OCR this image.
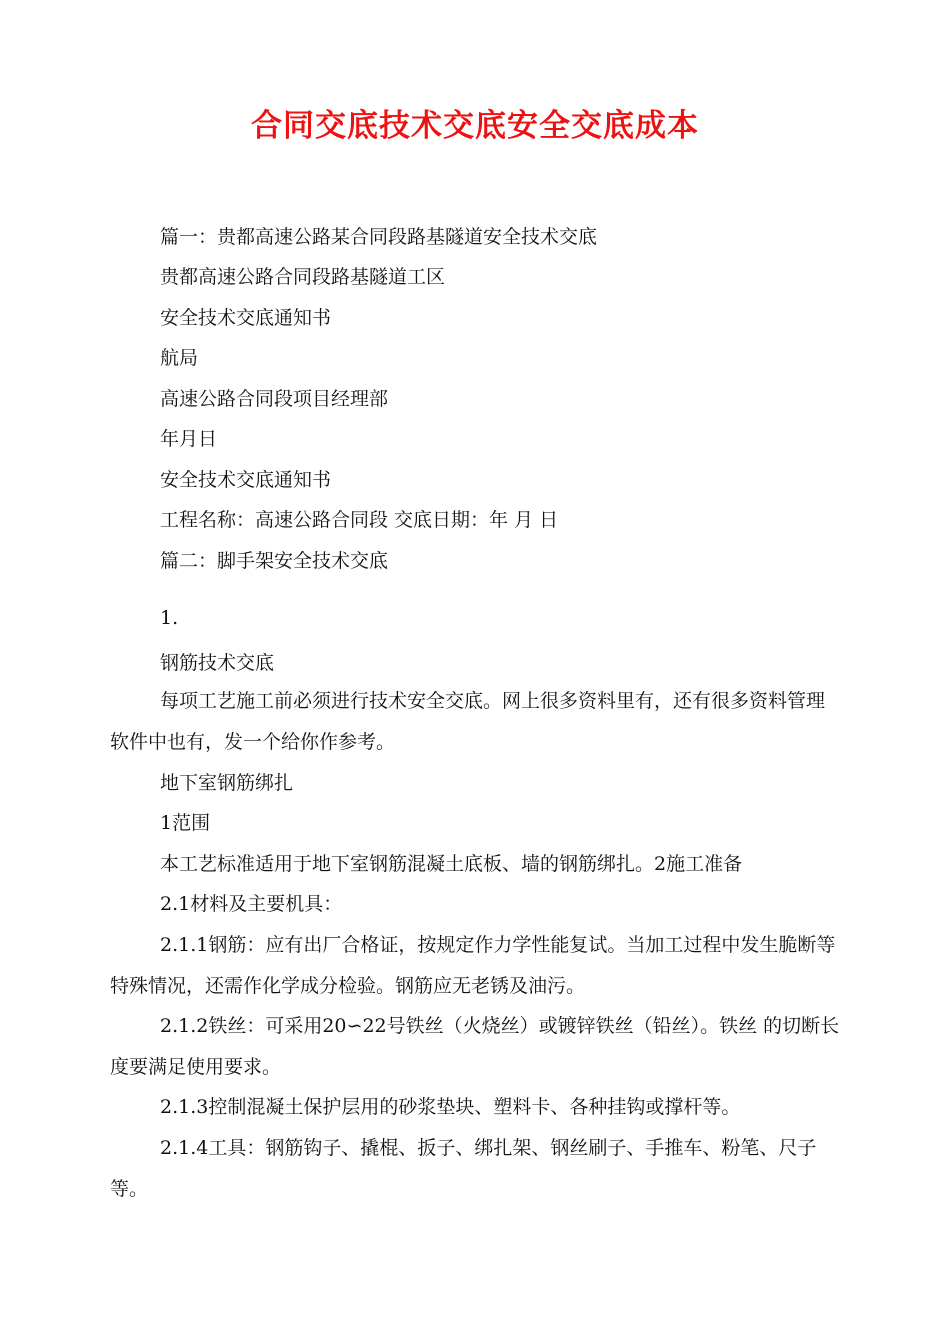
合同交底技术交底安全交底成本
篇一：贵都高速公路某合同段路基隧道安全技术交底
贵都高速公路合同段路基隧道工区
安全技术交底通知书
航局
高速公路合同段项目经理部
年月日
安全技术交底通知书
工程名称：高速公路合同段 交底日期：年 月 日
篇二：脚手架安全技术交底
1.
钢筋技术交底
每项工艺施工前必须进行技术安全交底。网上很多资料里有，还有很多资料管理软件中也有，发一个给你作参考。
地下室钢筋绑扎
1范围
本工艺标准适用于地下室钢筋混凝土底板、墙的钢筋绑扎。2施工准备
2.1材料及主要机具：
2.1.1钢筋：应有出厂合格证，按规定作力学性能复试。当加工过程中发生脆断等特殊情况，还需作化学成分检验。钢筋应无老锈及油污。
2.1.2铁丝：可采用20∽22号铁丝（火烧丝）或镀锌铁丝（铅丝）。铁丝 的切断长度要满足使用要求。
2.1.3控制混凝土保护层用的砂浆垫块、塑料卡、各种挂钩或撑杆等。
2.1.4工具：钢筋钩子、撬棍、扳子、绑扎架、钢丝刷子、手推车、粉笔、尺子等。
